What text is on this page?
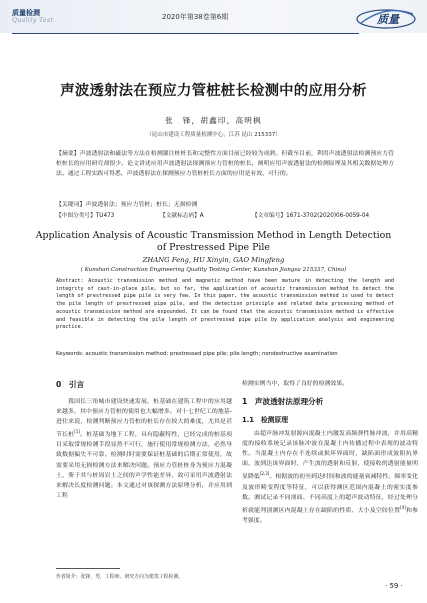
质量检测
Quality Test	2020年第38卷第6期	质量
声波透射法在预应力管桩桩长检测中的应用分析
张　锋，胡鑫印，高明枫
（昆山市建设工程质量检测中心，江苏 昆山 215337）
【摘要】声波透射法和磁法等方法在检测灌注桩桩长和完整性方面目前已经较为成熟。但截至目前，利用声波透射法检测预应力管桩桩长的应用研究却很少。论文讲述应用声波透射法探测预应力管桩的桩长，阐明应用声波透射法的检测原理及其相关数据处理方法。通过工程实践可得悉，声波透射法在探测预应力管桩桩长方面的应用是有效、可行的。
【关键词】声波透射法；预应力管桩；桩长；无损检测
【中图分类号】TU473	【文献标志码】A	【文章编号】1671-3702(2020)06-0059-04
Application Analysis of Acoustic Transmission Method in Length Detection
of Prestressed Pipe Pile
ZHANG Feng, HU Xinyin, GAO Mingfeng
( Kunshan Construction Engineering Quality Testing Center, Kunshan Jiangsu 215337, China)
Abstract: Acoustic transmission method and magnetic method have been mature in detecting the length and integrity of cast-in-place pile, but so far, the application of acoustic transmission method to detect the length of prestressed pipe pile is very few. In this paper, the acoustic transmission method is used to detect the pile length of prestressed pipe pile, and the detection principle and related data processing method of acoustic transmission method are expounded. It can be found that the acoustic transmission method is effective and feasible in detecting the pile length of prestressed pipe pile by application analysis and engineering practice.
Keywords: acoustic transmission method; prestressed pipe pile; pile length; nondestructive examination
0　引言

我国长三角城市建设快速发展，桩基础在建筑工程中的应用越来越多，其中预应力管桩的使用也大幅增多。对十七世纪工的地基-进往来说，检测判断预应力管桩的桩长存在较大的难度，尤其是甚节长桩[1]。桩基础为地下工程，具有隐蔽特性，已经完成的桩基项目采取常规检测手段显然不可行，施行使用常规检测方法，必然导致数据偏失不可靠。检测时时需要保证桩基础的后期正常使用，故需要采用无损检测方法来解决问题。预应力管桩桩身为预应力混凝土，鉴于其与桩周岩土之间的声学性能差异，故可采用声波透射法来解决长度检测问题。本文通过对该探测方法原理分析，并应用到工程

检测实例当中，取得了良好的检测效果。

1　声波透射法原理分析
1.1　检测原理

由超声脉冲发射源向混凝土内激发高频弹性脉冲波，并用高精度的接收系统记录该脉冲波在混凝土内传播过程中表现的波动特性。当混凝土内存在不连续或损坏界面时，缺陷面形成波阻抗界面，波到达该界面时，产生波的透射和反射，使接收的透射能量明显降低[2,3]。根据波的初至到达时间和波的能量衰减特性、频率变化及波形畸变程度等特征，可以获得测区范围内混凝土的密实度参数。测试记录不同剖面、不同高度上的超声波动特征，经过处理分析就能判别测区内混凝土存在缺陷的性质、大小及空间位置[4]和参考强度。

作者简介：张锋，男，工程师，研究方向为建筑工程检测。
· 59 ·
